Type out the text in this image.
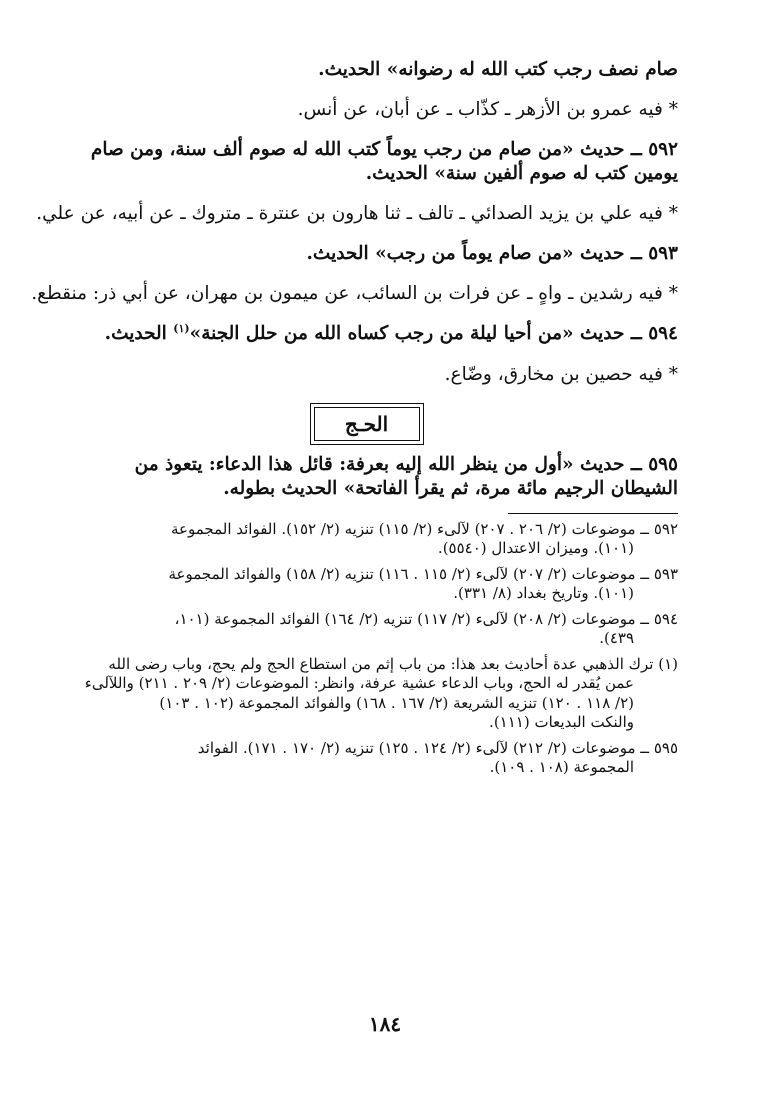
صام نصف رجب كتب الله له رضوانه» الحديث.
* فيه عمرو بن الأزهر ـ كذّاب ـ عن أبان، عن أنس.
٥٩٢ ــ حديث «من صام من رجب يوماً كتب الله له صوم ألف سنة، ومن صام
يومين كتب له صوم ألفين سنة» الحديث.
* فيه علي بن يزيد الصدائي ـ تالف ـ ثنا هارون بن عنترة ـ متروك ـ عن أبيه، عن علي.
٥٩٣ ــ حديث «من صام يوماً من رجب» الحديث.
* فيه رشدين ـ واهٍ ـ عن فرات بن السائب، عن ميمون بن مهران، عن أبي ذر: منقطع.
٥٩٤ ــ حديث «من أحيا ليلة من رجب كساه الله من حلل الجنة»$^{(١)}$ الحديث.
* فيه حصين بن مخارق، وضّاع.
الحـج
٥٩٥ ــ حديث «أول من ينظر الله إليه بعرفة: قائل هذا الدعاء: يتعوذ من
الشيطان الرجيم مائة مرة، ثم يقرأ الفاتحة» الحديث بطوله.
٥٩٢ ــ موضوعات (٢/ ٢٠٦ . ٢٠٧) لآلىء (٢/ ١١٥) تنزيه (٢/ ١٥٢). الفوائد المجموعة
(١٠١). وميزان الاعتدال (٥٥٤٠).
٥٩٣ ــ موضوعات (٢/ ٢٠٧) لآلىء (٢/ ١١٥ . ١١٦) تنزيه (٢/ ١٥٨) والفوائد المجموعة
(١٠١). وتاريخ بغداد (٨/ ٣٣١).
٥٩٤ ــ موضوعات (٢/ ٢٠٨) لآلىء (٢/ ١١٧) تنزيه (٢/ ١٦٤) الفوائد المجموعة (١٠١،
٤٣٩).
(١) ترك الذهبي عدة أحاديث بعد هذا: من باب إثم من استطاع الحج ولم يحج، وباب رضى الله
عمن يُقدر له الحج، وباب الدعاء عشية عرفة، وانظر: الموضوعات (٢/ ٢٠٩ . ٢١١) واللآلىء
(٢/ ١١٨ . ١٢٠) تنزيه الشريعة (٢/ ١٦٧ . ١٦٨) والفوائد المجموعة (١٠٢ . ١٠٣)
والنكت البديعات (١١١).
٥٩٥ ــ موضوعات (٢/ ٢١٢) لآلىء (٢/ ١٢٤ . ١٢٥) تنزيه (٢/ ١٧٠ . ١٧١). الفوائد
المجموعة (١٠٨ . ١٠٩).
١٨٤
